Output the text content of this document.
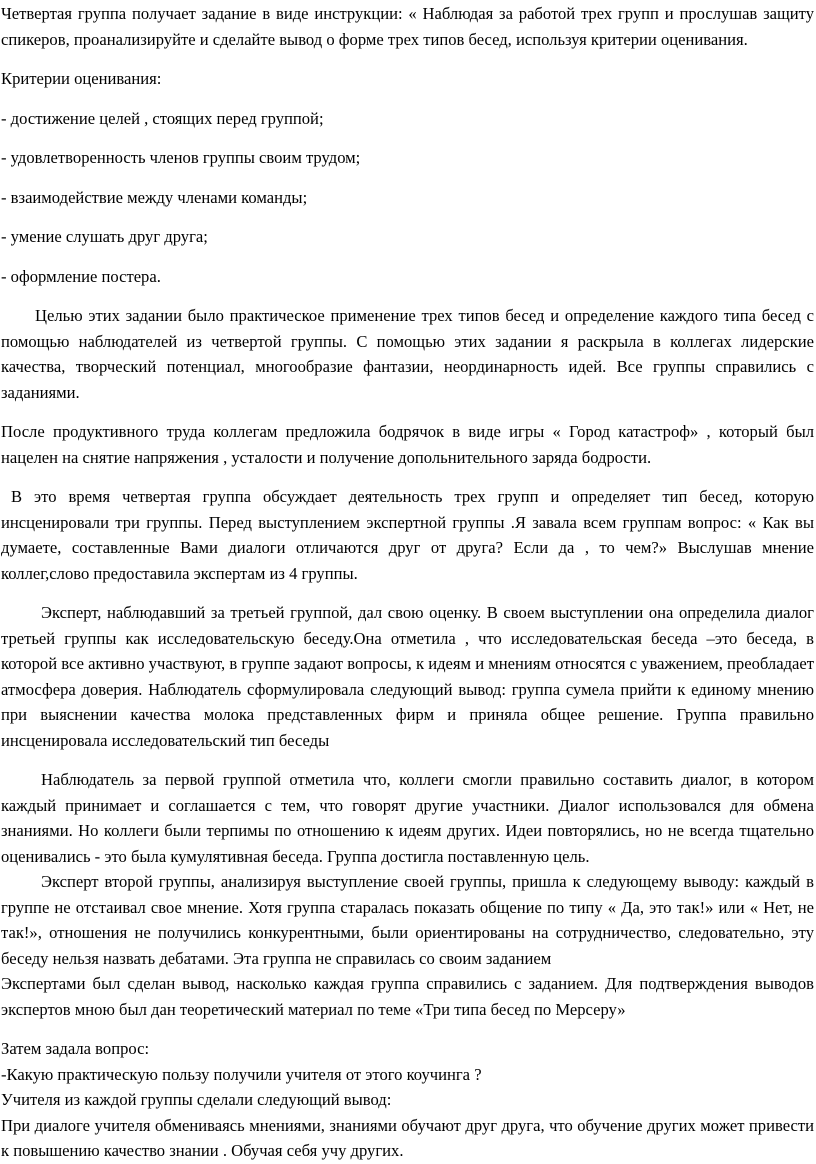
Четвертая группа получает задание в виде инструкции: « Наблюдая за работой трех групп и прослушав защиту спикеров, проанализируйте и сделайте вывод о форме трех типов бесед, используя критерии оценивания.

Критерии оценивания:

- достижение целей , стоящих перед группой;

- удовлетворенность членов группы своим трудом;

- взаимодействие между членами команды;

- умение слушать друг друга;

- оформление постера.

Целью этих задании было практическое применение трех типов бесед и определение каждого типа бесед с помощью наблюдателей из четвертой группы. С помощью этих задании я раскрыла в коллегах лидерские качества, творческий потенциал, многообразие фантазии, неординарность идей. Все группы справились с заданиями.

После продуктивного труда коллегам предложила бодрячок в виде игры « Город катастроф» , который был нацелен на снятие напряжения , усталости и получение допольнительного заряда бодрости.

В это время четвертая группа обсуждает деятельность трех групп и определяет тип бесед, которую инсценировали три группы. Перед выступлением экспертной группы .Я завала всем группам вопрос: « Как вы думаете, составленные Вами диалоги отличаются друг от друга? Если да , то чем?» Выслушав мнение коллег,слово предоставила экспертам из 4 группы.

Эксперт, наблюдавший за третьей группой, дал свою оценку. В своем выступлении она определила диалог третьей группы как исследовательскую беседу.Она отметила , что исследовательская беседа –это беседа, в которой все активно участвуют, в группе задают вопросы, к идеям и мнениям относятся с уважением, преобладает атмосфера доверия. Наблюдатель сформулировала следующий вывод: группа сумела прийти к единому мнению при выяснении качества молока представленных фирм и приняла общее решение. Группа правильно инсценировала исследовательский тип беседы

Наблюдатель за первой группой отметила что, коллеги смогли правильно составить диалог, в котором каждый принимает и соглашается с тем, что говорят другие участники. Диалог использовался для обмена знаниями. Но коллеги были терпимы по отношению к идеям других. Идеи повторялись, но не всегда тщательно оценивались - это была кумулятивная беседа. Группа достигла поставленную цель.

Эксперт второй группы, анализируя выступление своей группы, пришла к следующему выводу: каждый в группе не отстаивал свое мнение. Хотя группа старалась показать общение по типу « Да, это так!» или « Нет, не так!», отношения не получились конкурентными, были ориентированы на сотрудничество, следовательно, эту беседу нельзя назвать дебатами. Эта группа не справилась со своим заданием

Экспертами был сделан вывод, насколько каждая группа справились с заданием. Для подтверждения выводов экспертов мною был дан теоретический материал по теме «Три типа бесед по Мерсеру»

Затем задала вопрос:

-Какую практическую пользу получили учителя от этого коучинга ?

Учителя из каждой группы сделали следующий вывод:

При диалоге учителя обмениваясь мнениями, знаниями обучают друг друга, что обучение других может привести к повышению качество знании . Обучая себя учу других.
